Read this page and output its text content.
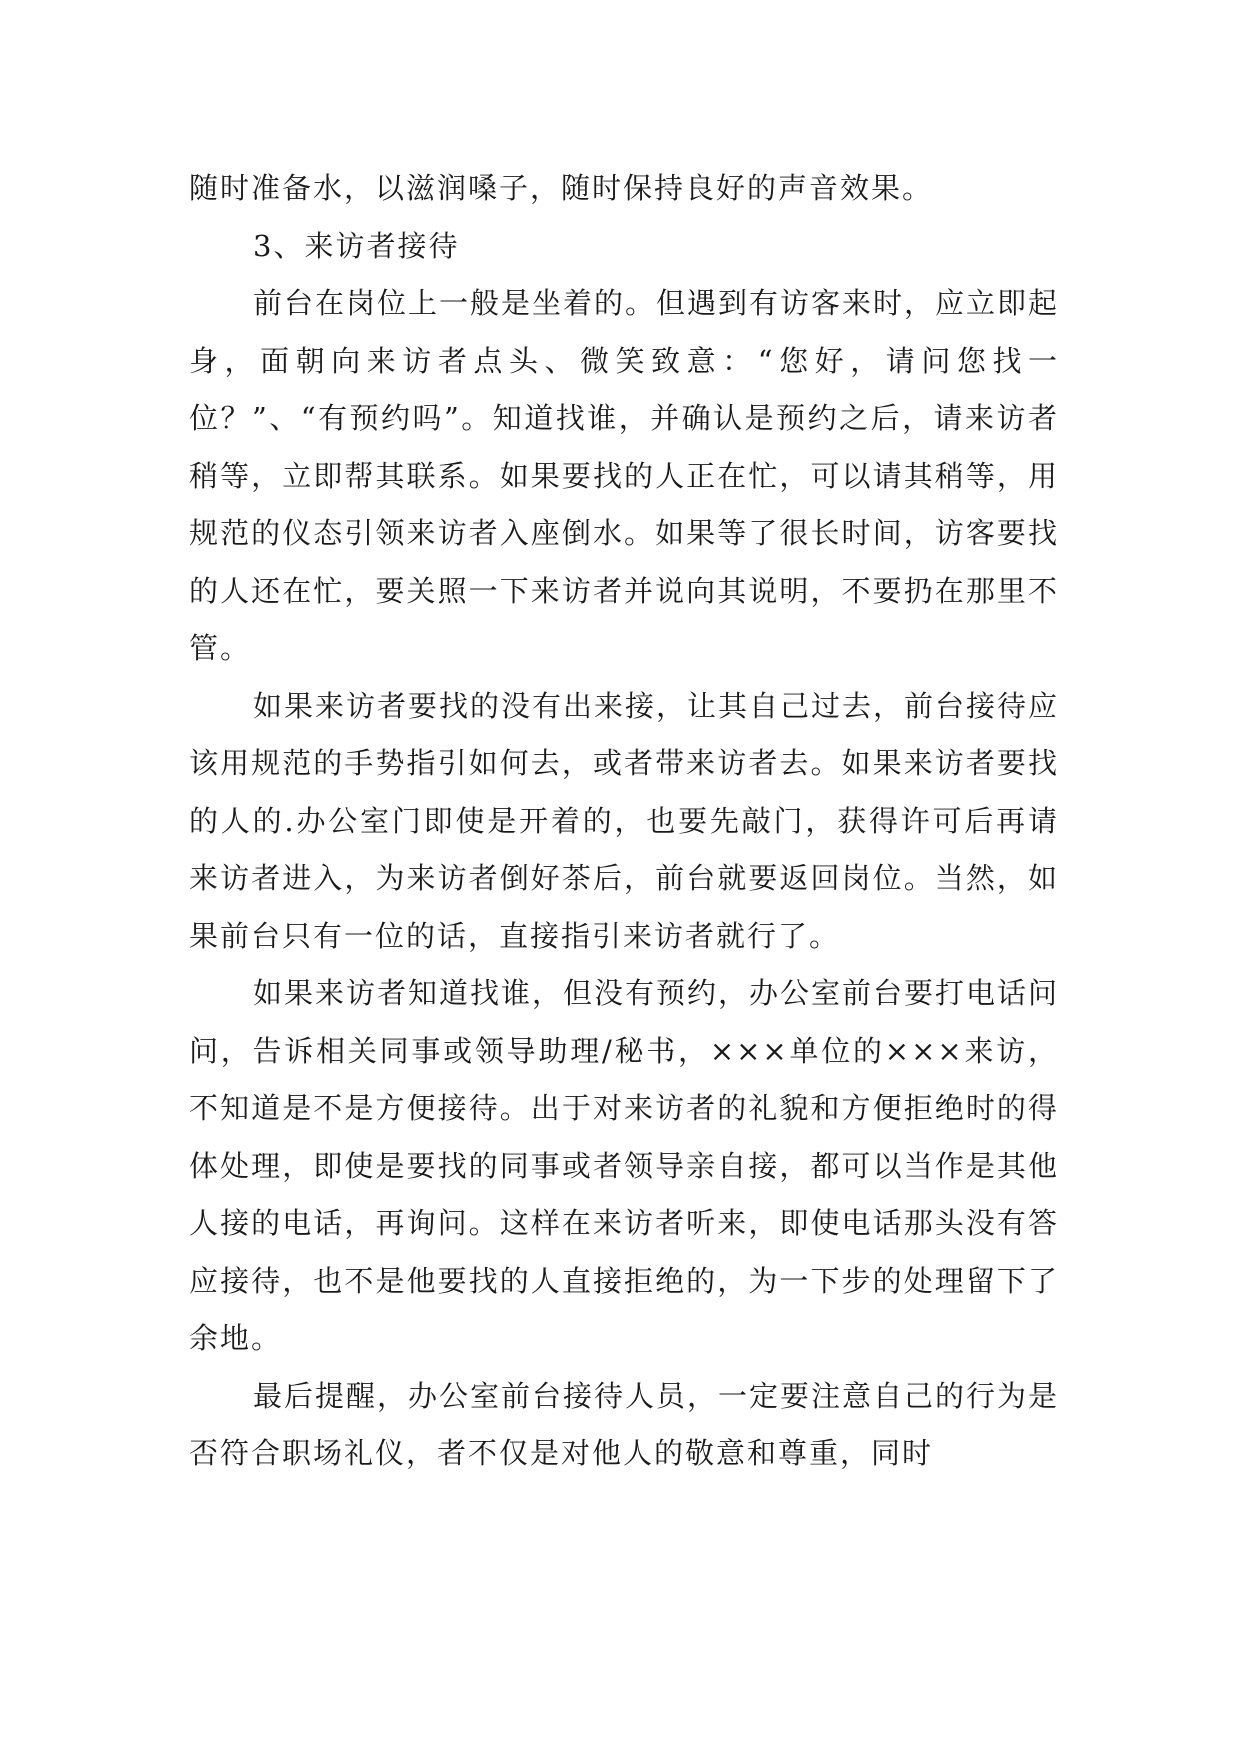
随时准备水，以滋润嗓子，随时保持良好的声音效果。

3、来访者接待

前台在岗位上一般是坐着的。但遇到有访客来时，应立即起身，面朝向来访者点头、微笑致意：“您好，请问您找一位？”、“有预约吗”。知道找谁，并确认是预约之后，请来访者稍等，立即帮其联系。如果要找的人正在忙，可以请其稍等，用规范的仪态引领来访者入座倒水。如果等了很长时间，访客要找的人还在忙，要关照一下来访者并说向其说明，不要扔在那里不管。

如果来访者要找的没有出来接，让其自己过去，前台接待应该用规范的手势指引如何去，或者带来访者去。如果来访者要找的人的.办公室门即使是开着的，也要先敲门，获得许可后再请来访者进入，为来访者倒好茶后，前台就要返回岗位。当然，如果前台只有一位的话，直接指引来访者就行了。

如果来访者知道找谁，但没有预约，办公室前台要打电话问问，告诉相关同事或领导助理/秘书，×××单位的×××来访，不知道是不是方便接待。出于对来访者的礼貌和方便拒绝时的得体处理，即使是要找的同事或者领导亲自接，都可以当作是其他人接的电话，再询问。这样在来访者听来，即使电话那头没有答应接待，也不是他要找的人直接拒绝的，为一下步的处理留下了余地。

最后提醒，办公室前台接待人员，一定要注意自己的行为是否符合职场礼仪，者不仅是对他人的敬意和尊重，同时
